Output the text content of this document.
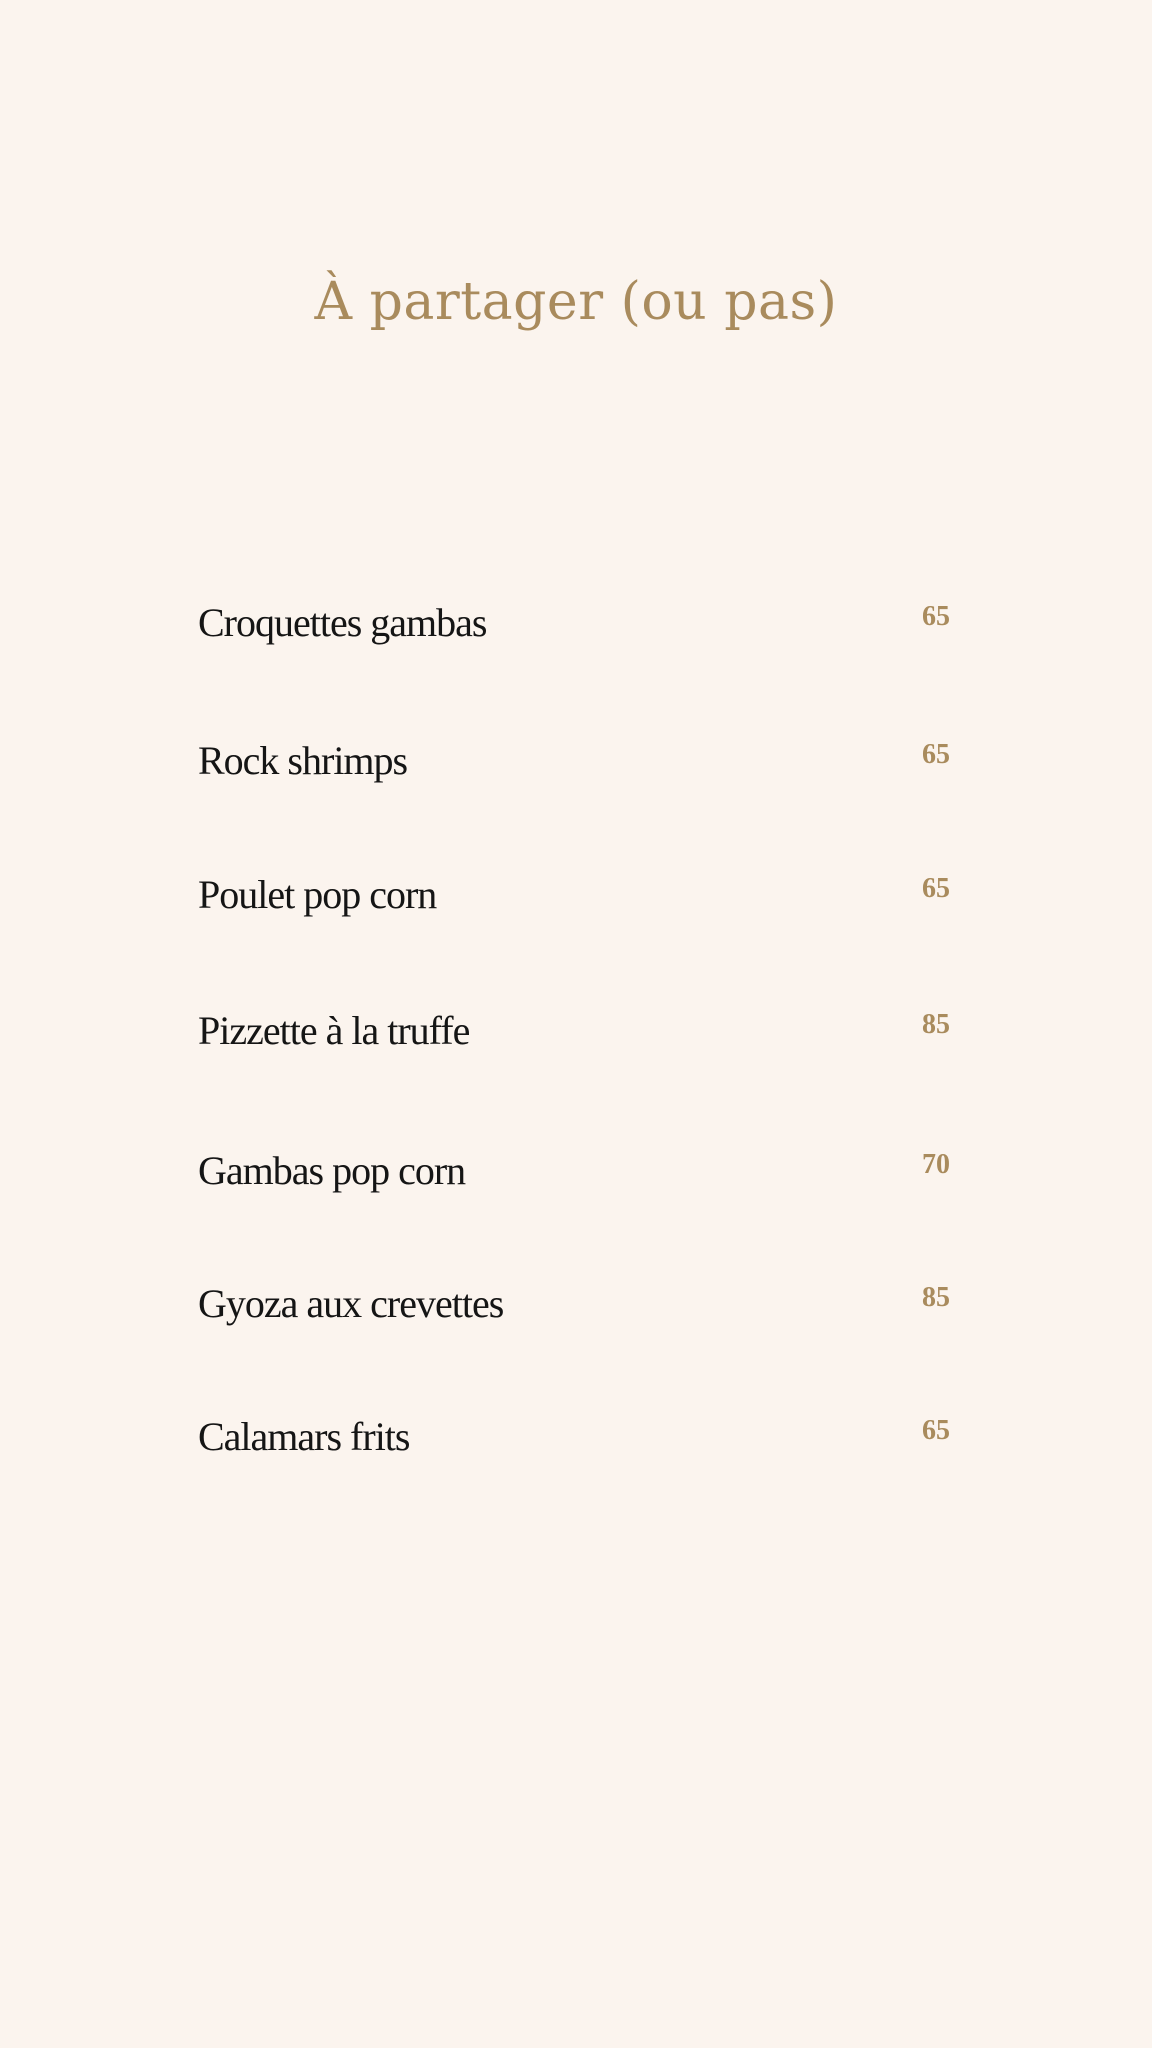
À partager (ou pas)
Croquettes gambas	65
Rock shrimps	65
Poulet pop corn	65
Pizzette à la truffe	85
Gambas pop corn	70
Gyoza aux crevettes	85
Calamars frits	65
